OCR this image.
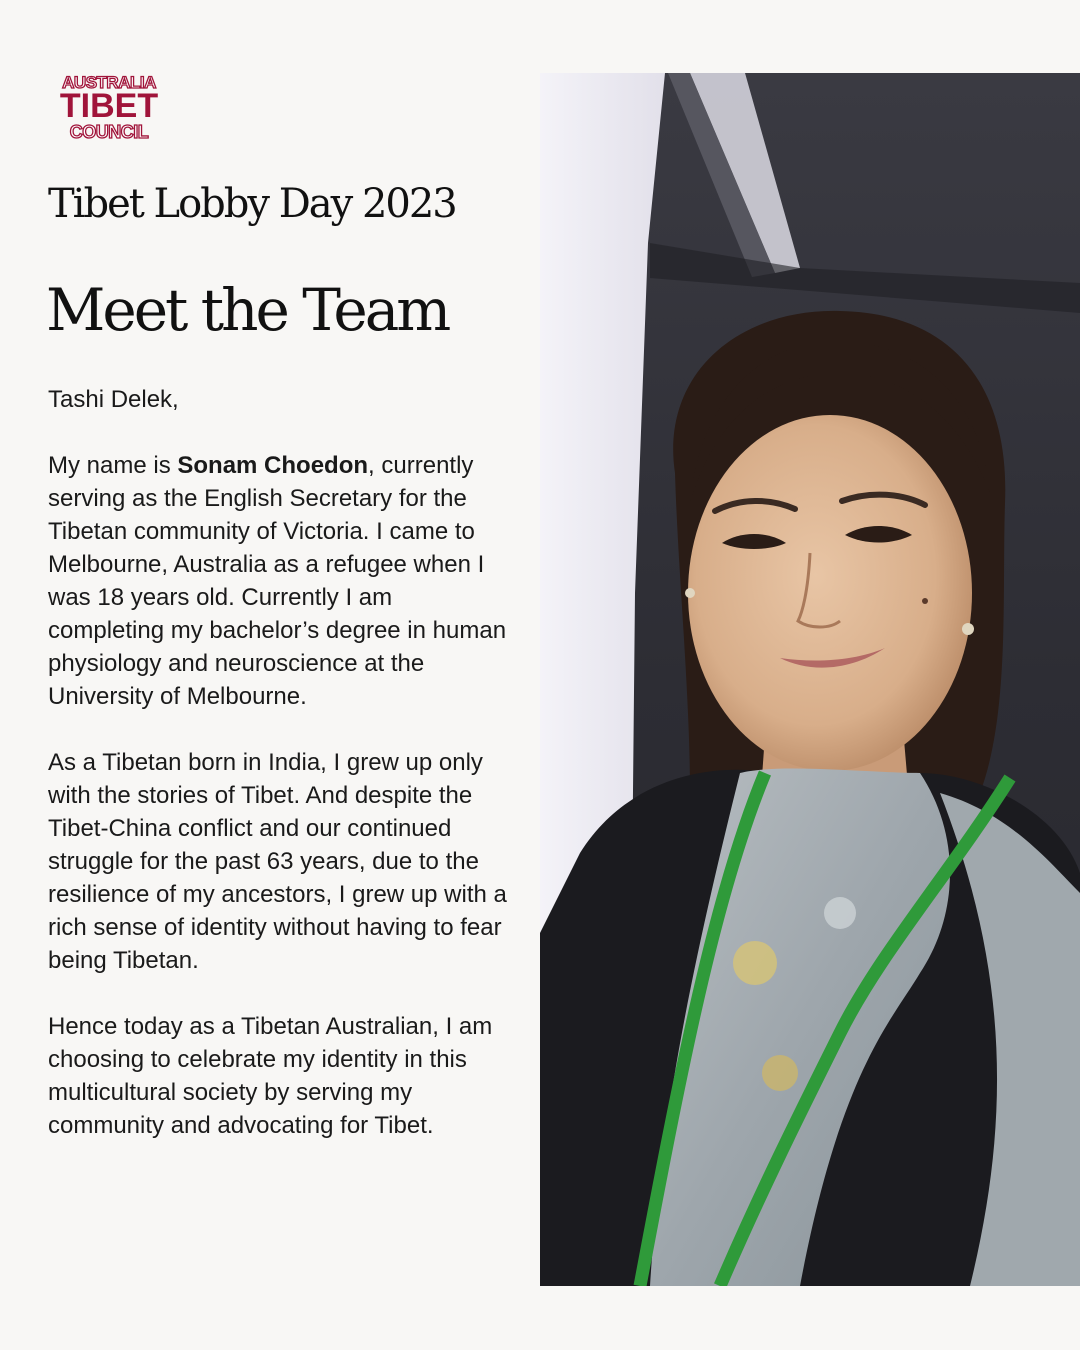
AUSTRALIA
TIBET
COUNCIL
Tibet Lobby Day 2023
Meet the Team

Tashi Delek,

My name is Sonam Choedon, currently serving as the English Secretary for the Tibetan community of Victoria. I came to Melbourne, Australia as a refugee when I was 18 years old. Currently I am completing my bachelor’s degree in human physiology and neuroscience at the University of Melbourne.

As a Tibetan born in India, I grew up only with the stories of Tibet. And despite the Tibet-China conflict and our continued struggle for the past 63 years, due to the resilience of my ancestors, I grew up with a rich sense of identity without having to fear being Tibetan.

Hence today as a Tibetan Australian, I am choosing to celebrate my identity in this multicultural society by serving my community and advocating for Tibet.
